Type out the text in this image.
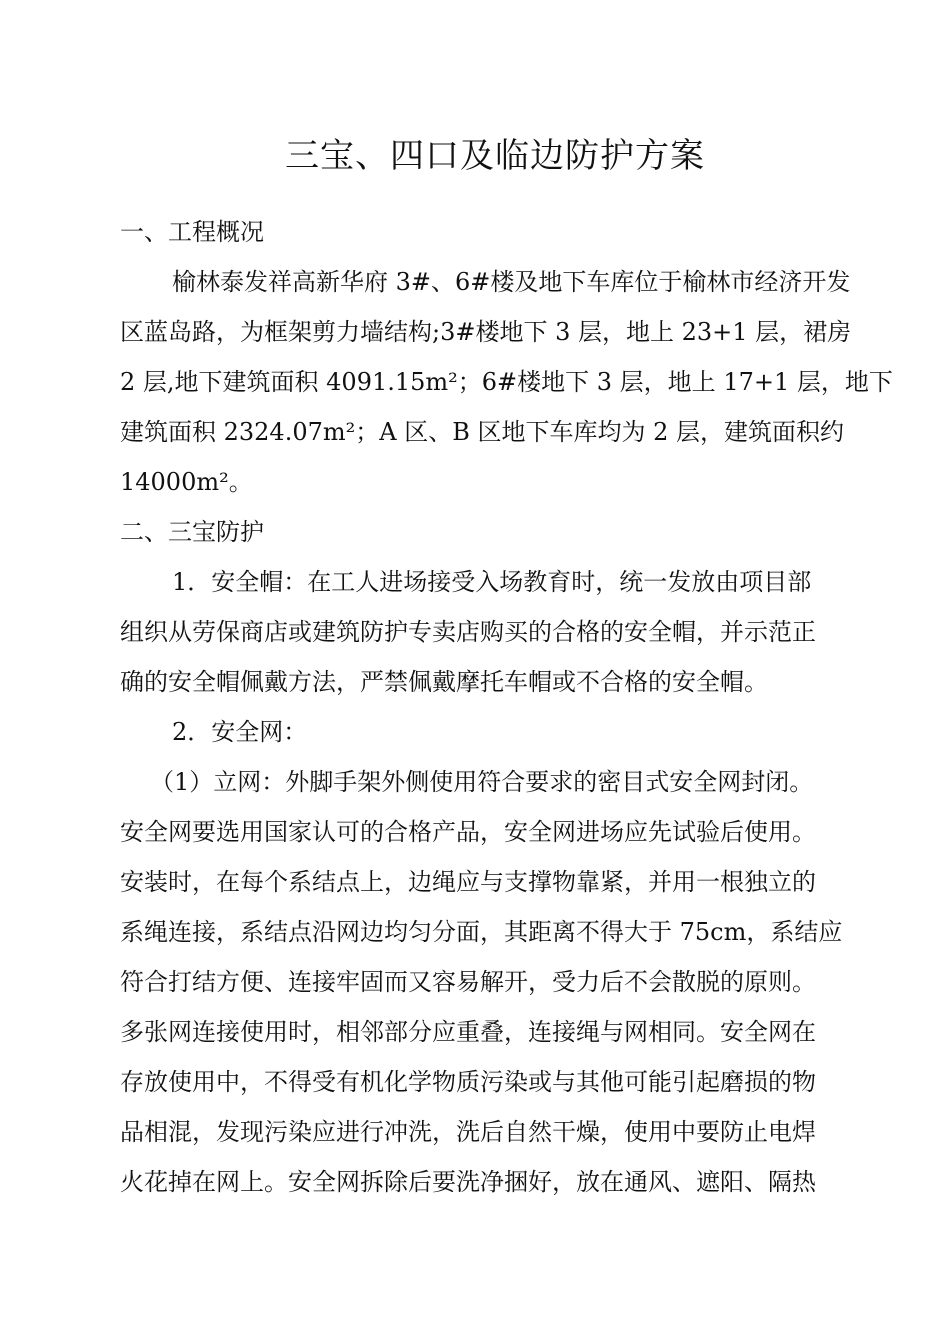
三宝、四口及临边防护方案
一、工程概况
榆林泰发祥高新华府 3#、6#楼及地下车库位于榆林市经济开发
区蓝岛路，为框架剪力墙结构;3#楼地下 3 层，地上 23+1 层，裙房
2 层,地下建筑面积 4091.15m²；6#楼地下 3 层，地上 17+1 层，地下
建筑面积 2324.07m²；A 区、B 区地下车库均为 2 层，建筑面积约
14000m²。
二、三宝防护
1．安全帽：在工人进场接受入场教育时，统一发放由项目部
组织从劳保商店或建筑防护专卖店购买的合格的安全帽，并示范正
确的安全帽佩戴方法，严禁佩戴摩托车帽或不合格的安全帽。
2．安全网：
（1）立网：外脚手架外侧使用符合要求的密目式安全网封闭。
安全网要选用国家认可的合格产品，安全网进场应先试验后使用。
安装时，在每个系结点上，边绳应与支撑物靠紧，并用一根独立的
系绳连接，系结点沿网边均匀分面，其距离不得大于 75cm，系结应
符合打结方便、连接牢固而又容易解开，受力后不会散脱的原则。
多张网连接使用时，相邻部分应重叠，连接绳与网相同。安全网在
存放使用中，不得受有机化学物质污染或与其他可能引起磨损的物
品相混，发现污染应进行冲洗，洗后自然干燥，使用中要防止电焊
火花掉在网上。安全网拆除后要洗净捆好，放在通风、遮阳、隔热
